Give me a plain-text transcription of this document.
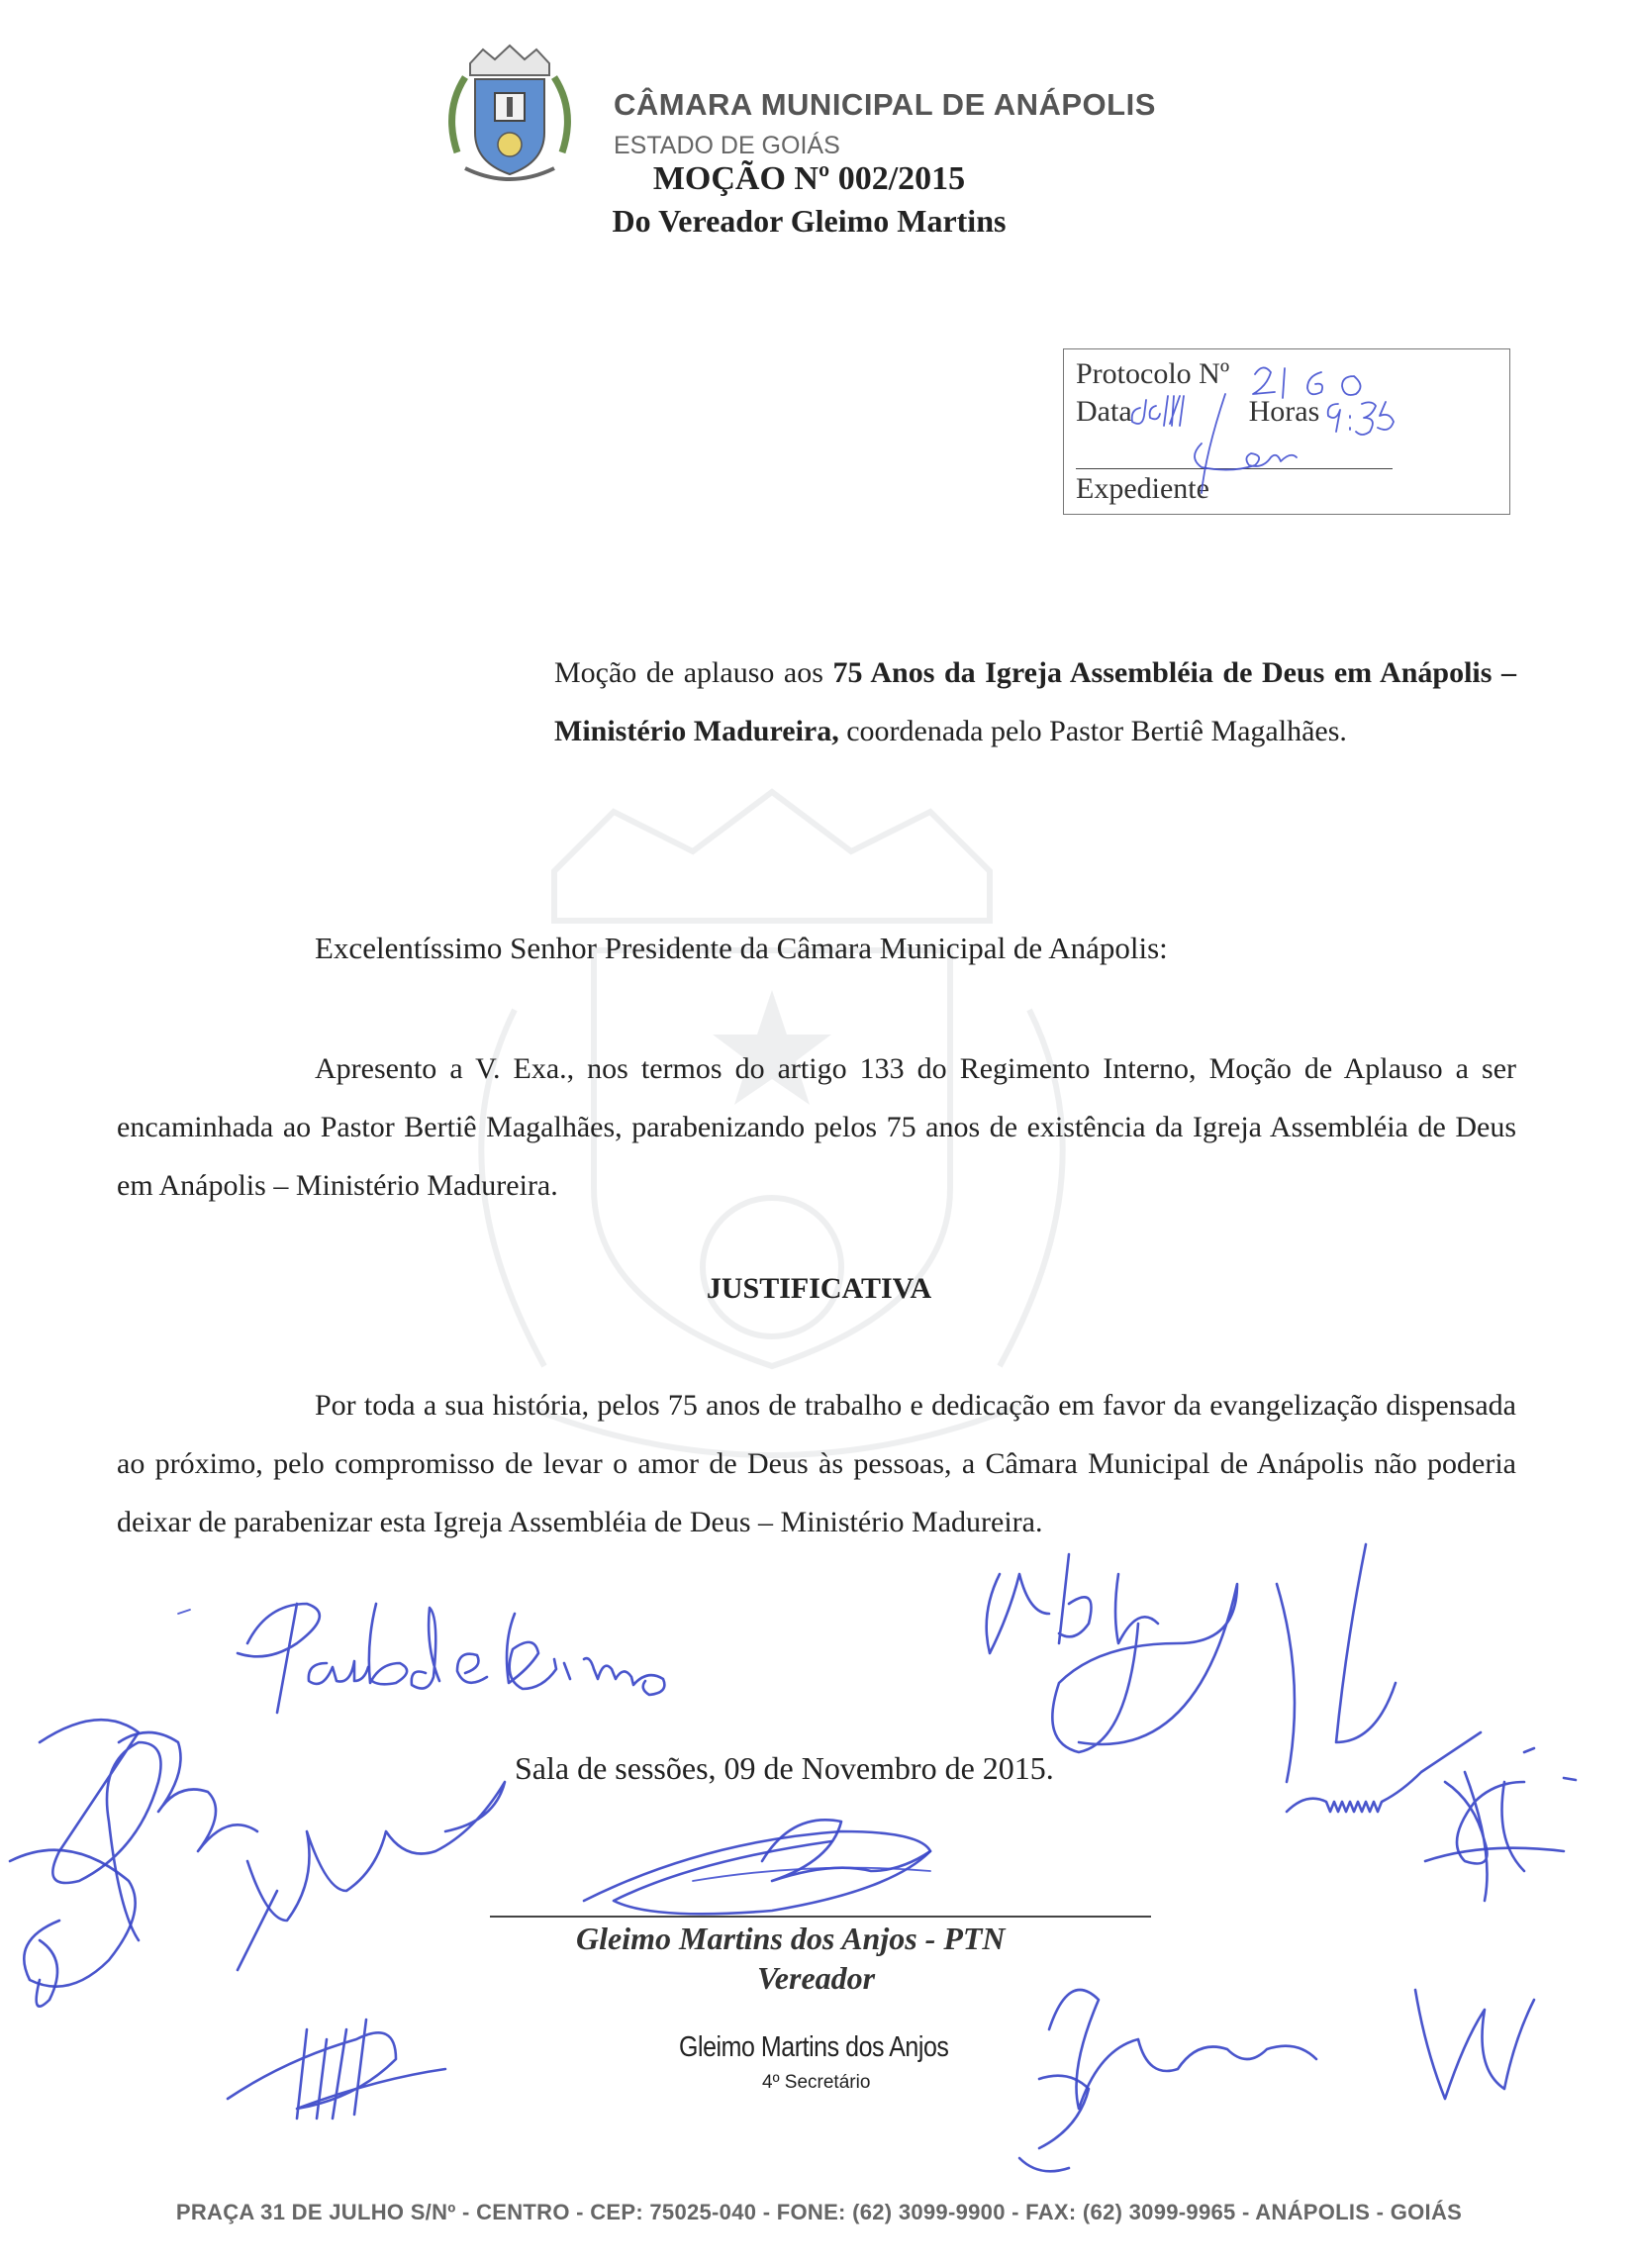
CÂMARA MUNICIPAL DE ANÁPOLIS
ESTADO DE GOIÁS
MOÇÃO Nº 002/2015
Do Vereador Gleimo Martins
Protocolo Nº
Data	Horas
Expediente

Moção de aplauso aos 75 Anos da Igreja Assembléia de Deus em Anápolis – Ministério Madureira, coordenada pelo Pastor Bertiê Magalhães.

Excelentíssimo Senhor Presidente da Câmara Municipal de Anápolis:

Apresento a V. Exa., nos termos do artigo 133 do Regimento Interno, Moção de Aplauso a ser encaminhada ao Pastor Bertiê Magalhães, parabenizando pelos 75 anos de existência da Igreja Assembléia de Deus em Anápolis – Ministério Madureira.

JUSTIFICATIVA

Por toda a sua história, pelos 75 anos de trabalho e dedicação em favor da evangelização dispensada ao próximo, pelo compromisso de levar o amor de Deus às pessoas, a Câmara Municipal de Anápolis não poderia deixar de parabenizar esta Igreja Assembléia de Deus – Ministério Madureira.

Sala de sessões, 09 de Novembro de 2015.
Gleimo Martins dos Anjos - PTN
Vereador
Gleimo Martins dos Anjos
4º Secretário
PRAÇA 31 DE JULHO S/Nº - CENTRO - CEP: 75025-040 - FONE: (62) 3099-9900 - FAX: (62) 3099-9965 - ANÁPOLIS - GOIÁS
